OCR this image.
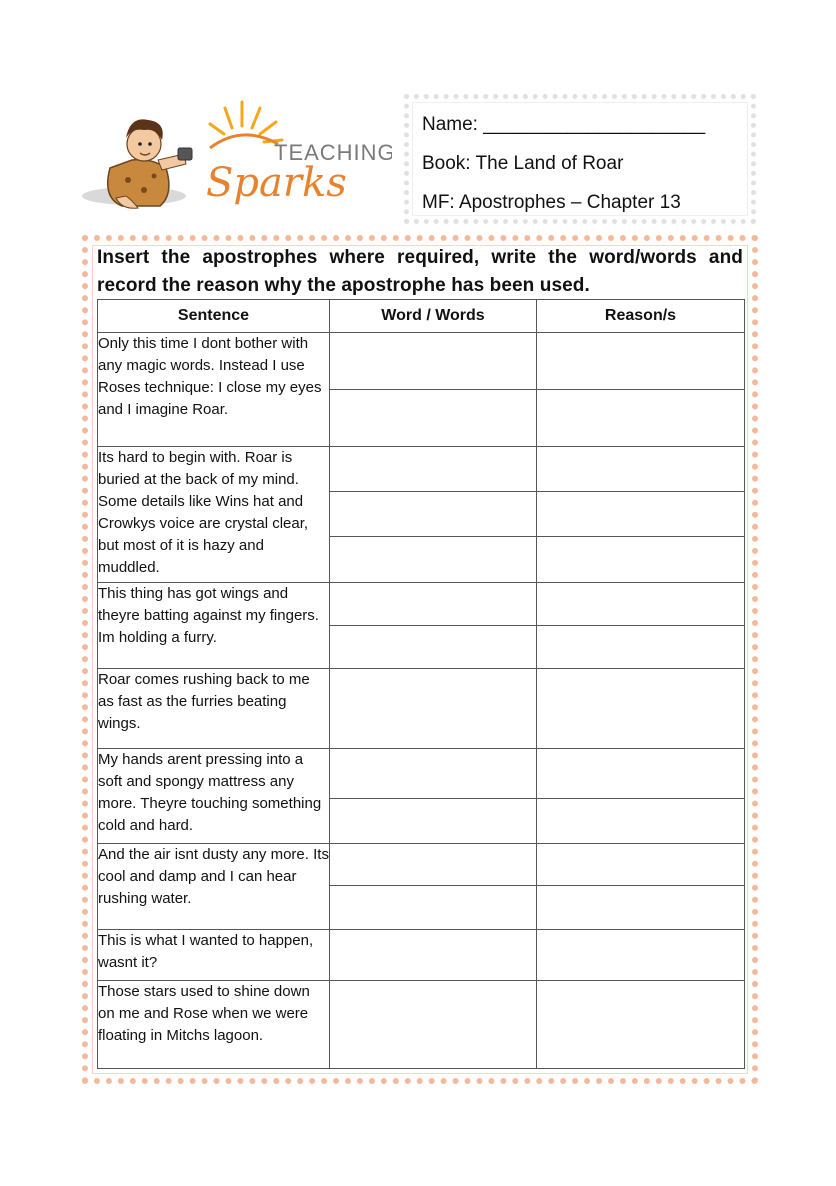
TEACHING
Sparks
Name: _____________________
Book: The Land of Roar
MF: Apostrophes – Chapter 13
Insert the apostrophes where required, write the word/words and record the reason why the apostrophe has been used.
Sentence	Word / Words	Reason/s
Only this time I dont bother with any magic words. Instead I use Roses technique: I close my eyes and I imagine Roar.		

Its hard to begin with. Roar is buried at the back of my mind. Some details like Wins hat and Crowkys voice are crystal clear, but most of it is hazy and muddled.		

This thing has got wings and theyre batting against my fingers. Im holding a furry.		

Roar comes rushing back to me as fast as the furries beating wings.		
My hands arent pressing into a soft and spongy mattress any more. Theyre touching something cold and hard.		

And the air isnt dusty any more. Its cool and damp and I can hear rushing water.		

This is what I wanted to happen, wasnt it?		
Those stars used to shine down on me and Rose when we were floating in Mitchs lagoon.		
